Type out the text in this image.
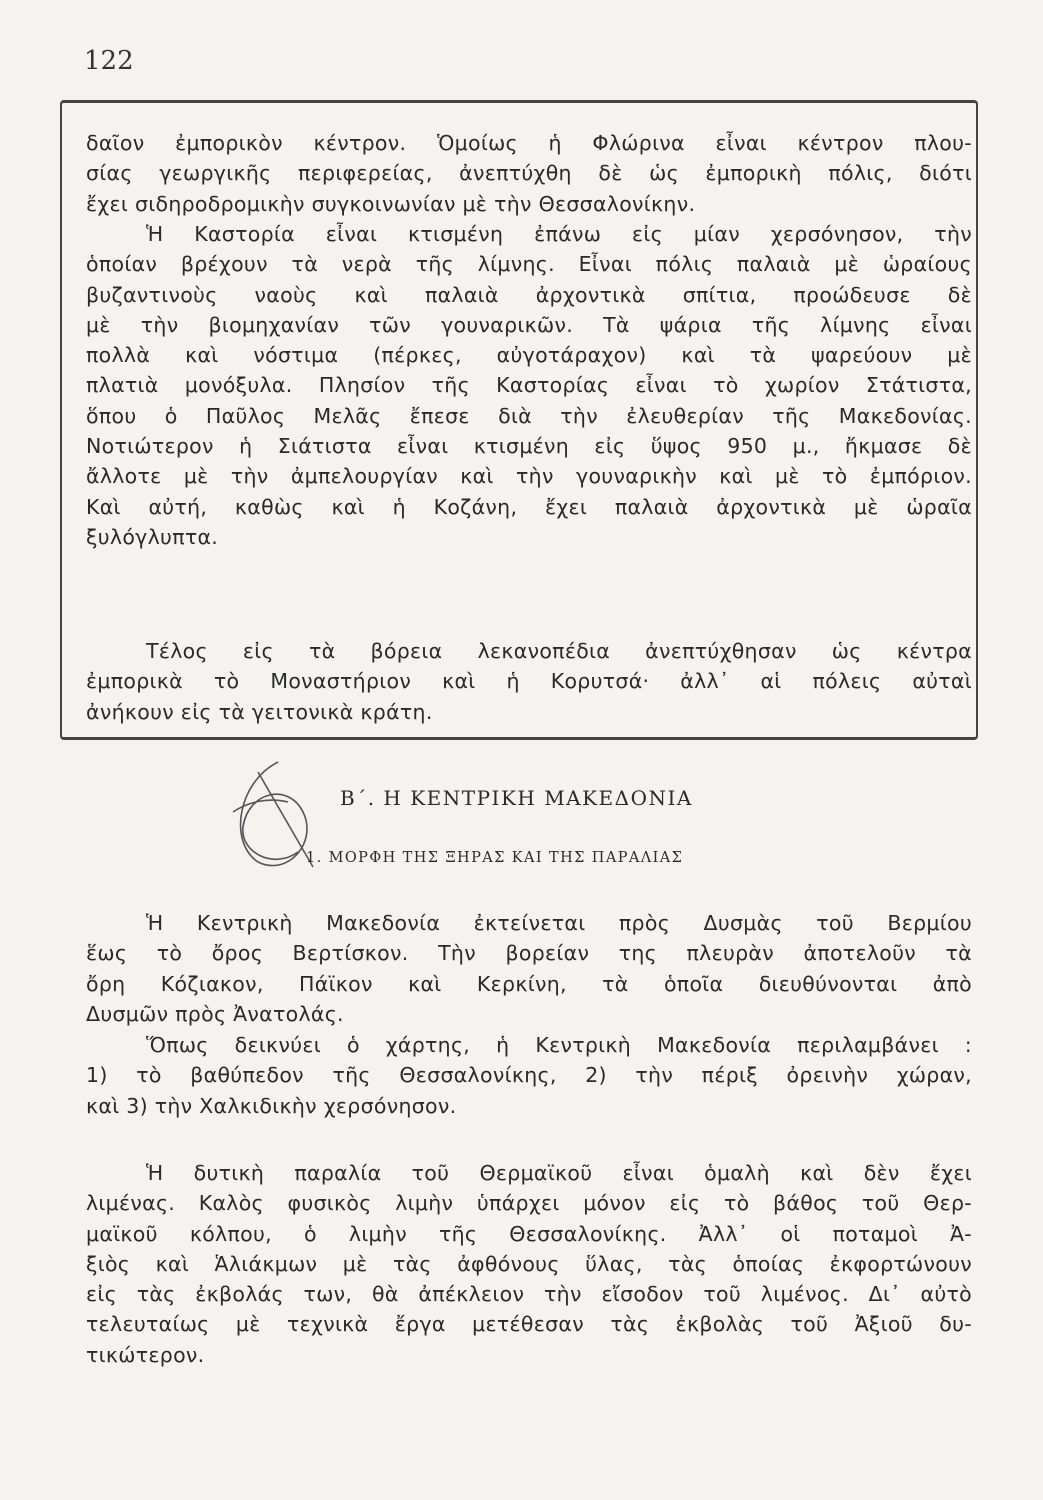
122
δαῖον ἐμπορικὸν κέντρον. Ὁμοίως ἡ Φλώρινα εἶναι κέντρον πλου-
σίας γεωργικῆς περιφερείας, ἀνεπτύχθη δὲ ὡς ἐμπορικὴ πόλις, διότι
ἔχει σιδηροδρομικὴν συγκοινωνίαν μὲ τὴν Θεσσαλονίκην.
Ἡ Καστορία εἶναι κτισμένη ἐπάνω εἰς μίαν χερσόνησον, τὴν
ὁποίαν βρέχουν τὰ νερὰ τῆς λίμνης. Εἶναι πόλις παλαιὰ μὲ ὡραίους
βυζαντινοὺς ναοὺς καὶ παλαιὰ ἀρχοντικὰ σπίτια, προώδευσε δὲ
μὲ τὴν βιομηχανίαν τῶν γουναρικῶν. Τὰ ψάρια τῆς λίμνης εἶναι
πολλὰ καὶ νόστιμα (πέρκες, αὐγοτάραχον) καὶ τὰ ψαρεύουν μὲ
πλατιὰ μονόξυλα. Πλησίον τῆς Καστορίας εἶναι τὸ χωρίον Στάτιστα,
ὅπου ὁ Παῦλος Μελᾶς ἔπεσε διὰ τὴν ἐλευθερίαν τῆς Μακεδονίας.
Νοτιώτερον ἡ Σιάτιστα εἶναι κτισμένη εἰς ὕψος 950 μ., ἤκμασε δὲ
ἄλλοτε μὲ τὴν ἀμπελουργίαν καὶ τὴν γουναρικὴν καὶ μὲ τὸ ἐμπόριον.
Καὶ αὐτή, καθὼς καὶ ἡ Κοζάνη, ἔχει παλαιὰ ἀρχοντικὰ μὲ ὡραῖα
ξυλόγλυπτα.
Τέλος εἰς τὰ βόρεια λεκανοπέδια ἀνεπτύχθησαν ὡς κέντρα
ἐμπορικὰ τὸ Μοναστήριον καὶ ἡ Κορυτσά· ἀλλ᾽ αἱ πόλεις αὐταὶ
ἀνήκουν εἰς τὰ γειτονικὰ κράτη.
Β΄. Η ΚΕΝΤΡΙΚΗ ΜΑΚΕΔΟΝΙΑ
1. ΜΟΡΦΗ ΤΗΣ ΞΗΡΑΣ ΚΑΙ ΤΗΣ ΠΑΡΑΛΙΑΣ
Ἡ Κεντρικὴ Μακεδονία ἐκτείνεται πρὸς Δυσμὰς τοῦ Βερμίου
ἕως τὸ ὄρος Βερτίσκον. Τὴν βορείαν της πλευρὰν ἀποτελοῦν τὰ
ὄρη Κόζιακον, Πάϊκον καὶ Κερκίνη, τὰ ὁποῖα διευθύνονται ἀπὸ
Δυσμῶν πρὸς Ἀνατολάς.
Ὅπως δεικνύει ὁ χάρτης, ἡ Κεντρικὴ Μακεδονία περιλαμβάνει :
1) τὸ βαθύπεδον τῆς Θεσσαλονίκης, 2) τὴν πέριξ ὀρεινὴν χώραν,
καὶ 3) τὴν Χαλκιδικὴν χερσόνησον.
Ἡ δυτικὴ παραλία τοῦ Θερμαϊκοῦ εἶναι ὁμαλὴ καὶ δὲν ἔχει
λιμένας. Καλὸς φυσικὸς λιμὴν ὑπάρχει μόνον εἰς τὸ βάθος τοῦ Θερ-
μαϊκοῦ κόλπου, ὁ λιμὴν τῆς Θεσσαλονίκης. Ἀλλ᾽ οἱ ποταμοὶ Ἀ-
ξιὸς καὶ Ἁλιάκμων μὲ τὰς ἀφθόνους ὕλας, τὰς ὁποίας ἐκφορτώνουν
εἰς τὰς ἐκβολάς των, θὰ ἀπέκλειον τὴν εἴσοδον τοῦ λιμένος. Δι᾽ αὐτὸ
τελευταίως μὲ τεχνικὰ ἔργα μετέθεσαν τὰς ἐκβολὰς τοῦ Ἀξιοῦ δυ-
τικώτερον.
